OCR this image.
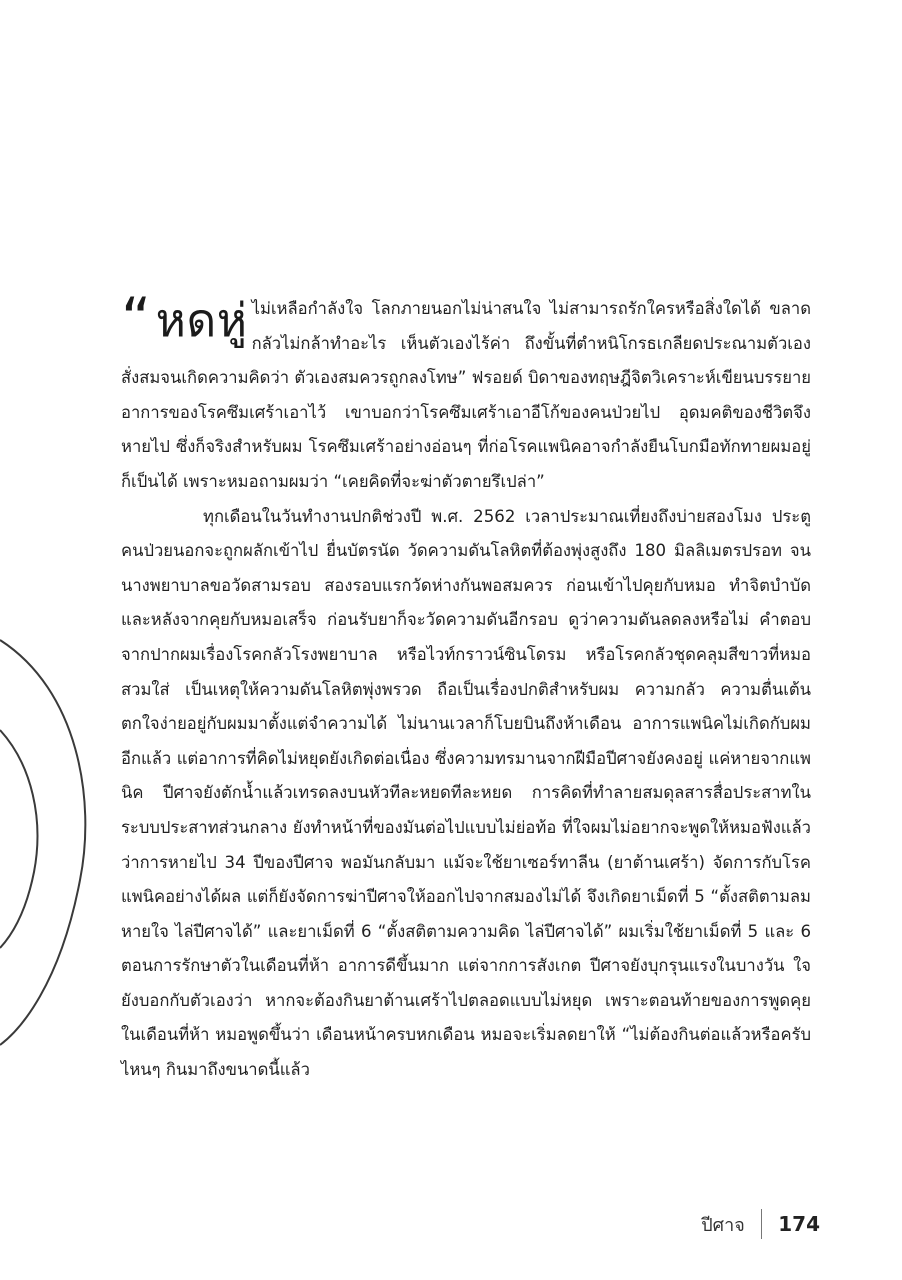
“ หดหู่ ไม่เหลือกำลังใจ โลกภายนอกไม่น่าสนใจ ไม่สามารถรักใครหรือสิ่งใดได้ ขลาดกลัวไม่กล้าทำอะไร เห็นตัวเองไร้ค่า ถึงขั้นที่ตำหนิโกรธเกลียดประณามตัวเอง สั่งสมจนเกิดความคิดว่า ตัวเองสมควรถูกลงโทษ” ฟรอยด์ บิดาของทฤษฎีจิตวิเคราะห์เขียนบรรยายอาการของโรคซึมเศร้าเอาไว้ เขาบอกว่าโรคซึมเศร้าเอาอีโก้ของคนป่วยไป อุดมคติของชีวิตจึงหายไป ซึ่งก็จริงสำหรับผม โรคซึมเศร้าอย่างอ่อนๆ ที่ก่อโรคแพนิคอาจกำลังยืนโบกมือทักทายผมอยู่ก็เป็นได้ เพราะหมอถามผมว่า “เคยคิดที่จะฆ่าตัวตายรึเปล่า”

ทุกเดือนในวันทำงานปกติช่วงปี พ.ศ. 2562 เวลาประมาณเที่ยงถึงบ่ายสองโมง ประตูคนป่วยนอกจะถูกผลักเข้าไป ยื่นบัตรนัด วัดความดันโลหิตที่ต้องพุ่งสูงถึง 180 มิลลิเมตรปรอท จนนางพยาบาลขอวัดสามรอบ สองรอบแรกวัดห่างกันพอสมควร ก่อนเข้าไปคุยกับหมอ ทำจิตบำบัด และหลังจากคุยกับหมอเสร็จ ก่อนรับยาก็จะวัดความดันอีกรอบ ดูว่าความดันลดลงหรือไม่ คำตอบจากปากผมเรื่องโรคกลัวโรงพยาบาล หรือไวท์กราวน์ซินโดรม หรือโรคกลัวชุดคลุมสีขาวที่หมอสวมใส่ เป็นเหตุให้ความดันโลหิตพุ่งพรวด ถือเป็นเรื่องปกติสำหรับผม ความกลัว ความตื่นเต้น ตกใจง่ายอยู่กับผมมาตั้งแต่จำความได้ ไม่นานเวลาก็โบยบินถึงห้าเดือน อาการแพนิคไม่เกิดกับผมอีกแล้ว แต่อาการที่คิดไม่หยุดยังเกิดต่อเนื่อง ซึ่งความทรมานจากฝีมือปีศาจยังคงอยู่ แค่หายจากแพนิค ปีศาจยังตักน้ำแล้วเทรดลงบนหัวทีละหยดทีละหยด การคิดที่ทำลายสมดุลสารสื่อประสาทในระบบประสาทส่วนกลาง ยังทำหน้าที่ของมันต่อไปแบบไม่ย่อท้อ ที่ใจผมไม่อยากจะพูดให้หมอฟังแล้วว่าการหายไป 34 ปีของปีศาจ พอมันกลับมา แม้จะใช้ยาเซอร์ทาลีน (ยาต้านเศร้า) จัดการกับโรคแพนิคอย่างได้ผล แต่ก็ยังจัดการฆ่าปีศาจให้ออกไปจากสมองไม่ได้ จึงเกิดยาเม็ดที่ 5 “ตั้งสติตามลมหายใจ ไล่ปีศาจได้” และยาเม็ดที่ 6 “ตั้งสติตามความคิด ไล่ปีศาจได้” ผมเริ่มใช้ยาเม็ดที่ 5 และ 6 ตอนการรักษาตัวในเดือนที่ห้า อาการดีขึ้นมาก แต่จากการสังเกต ปีศาจยังบุกรุนแรงในบางวัน ใจยังบอกกับตัวเองว่า หากจะต้องกินยาต้านเศร้าไปตลอดแบบไม่หยุด เพราะตอนท้ายของการพูดคุยในเดือนที่ห้า หมอพูดขึ้นว่า เดือนหน้าครบหกเดือน หมอจะเริ่มลดยาให้ “ไม่ต้องกินต่อแล้วหรือครับ ไหนๆ กินมาถึงขนาดนี้แล้ว

ปีศาจ 174
